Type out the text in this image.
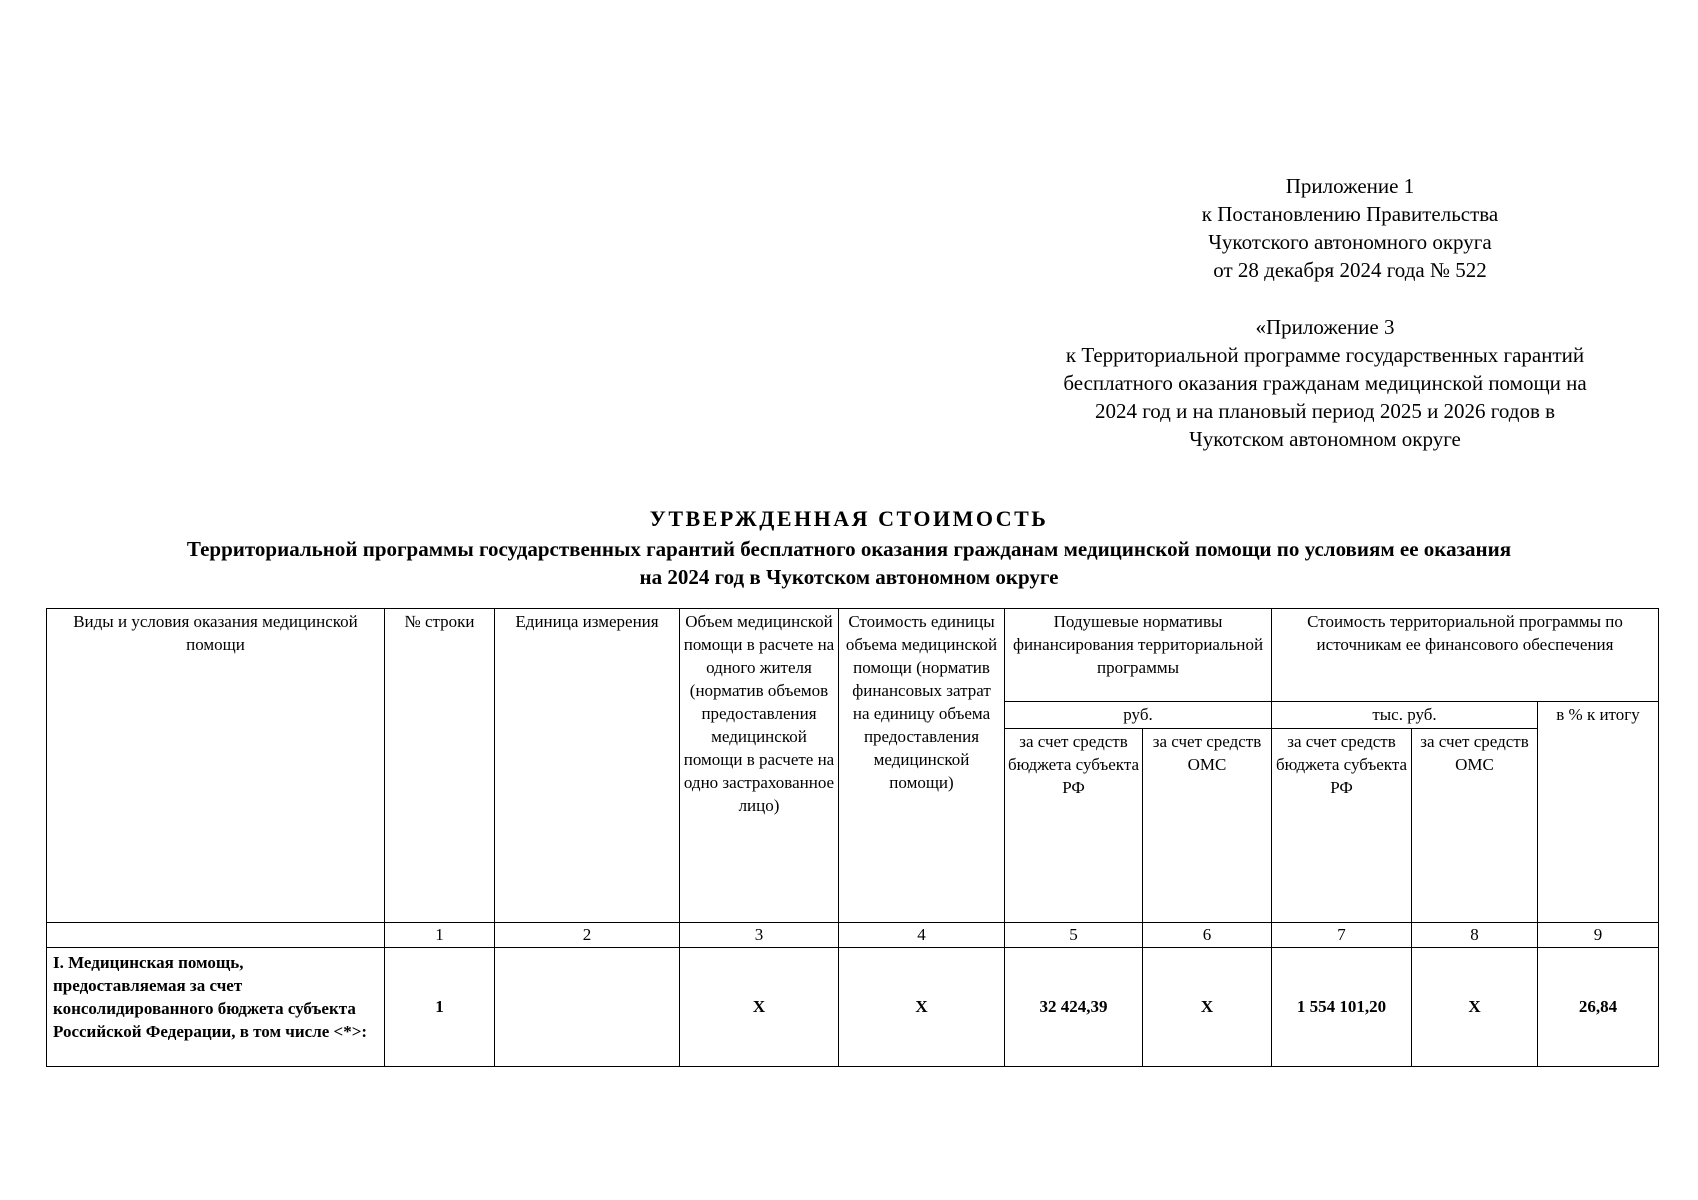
Приложение 1
к Постановлению Правительства
Чукотского автономного округа
от 28 декабря 2024 года № 522
«Приложение 3
к Территориальной программе государственных гарантий
бесплатного оказания гражданам медицинской помощи на
2024 год и на плановый период 2025 и 2026 годов в
Чукотском автономном округе
УТВЕРЖДЕННАЯ СТОИМОСТЬ
Территориальной программы государственных гарантий бесплатного оказания гражданам медицинской помощи по условиям ее оказания
на 2024 год в Чукотском автономном округе
Виды и условия оказания медицинской помощи	№ строки	Единица измерения	Объем медицинской помощи в расчете на одного жителя (норматив объемов предоставления медицинской помощи в расчете на одно застрахованное лицо)	Стоимость единицы объема медицинской помощи (норматив финансовых затрат на единицу объема предоставления медицинской помощи)	Подушевые нормативы финансирования территориальной программы		Стоимость территориальной программы по источникам ее финансового обеспечения		
					руб.		тыс. руб.		в % к итогу
					за счет средств бюджета субъекта РФ	за счет средств ОМС	за счет средств бюджета субъекта РФ	за счет средств ОМС	
	1	2	3	4	5	6	7	8	9
I. Медицинская помощь, предоставляемая за счет консолидированного бюджета субъекта Российской Федерации, в том числе <*>:	1		X	X	32 424,39	X	1 554 101,20	X	26,84
